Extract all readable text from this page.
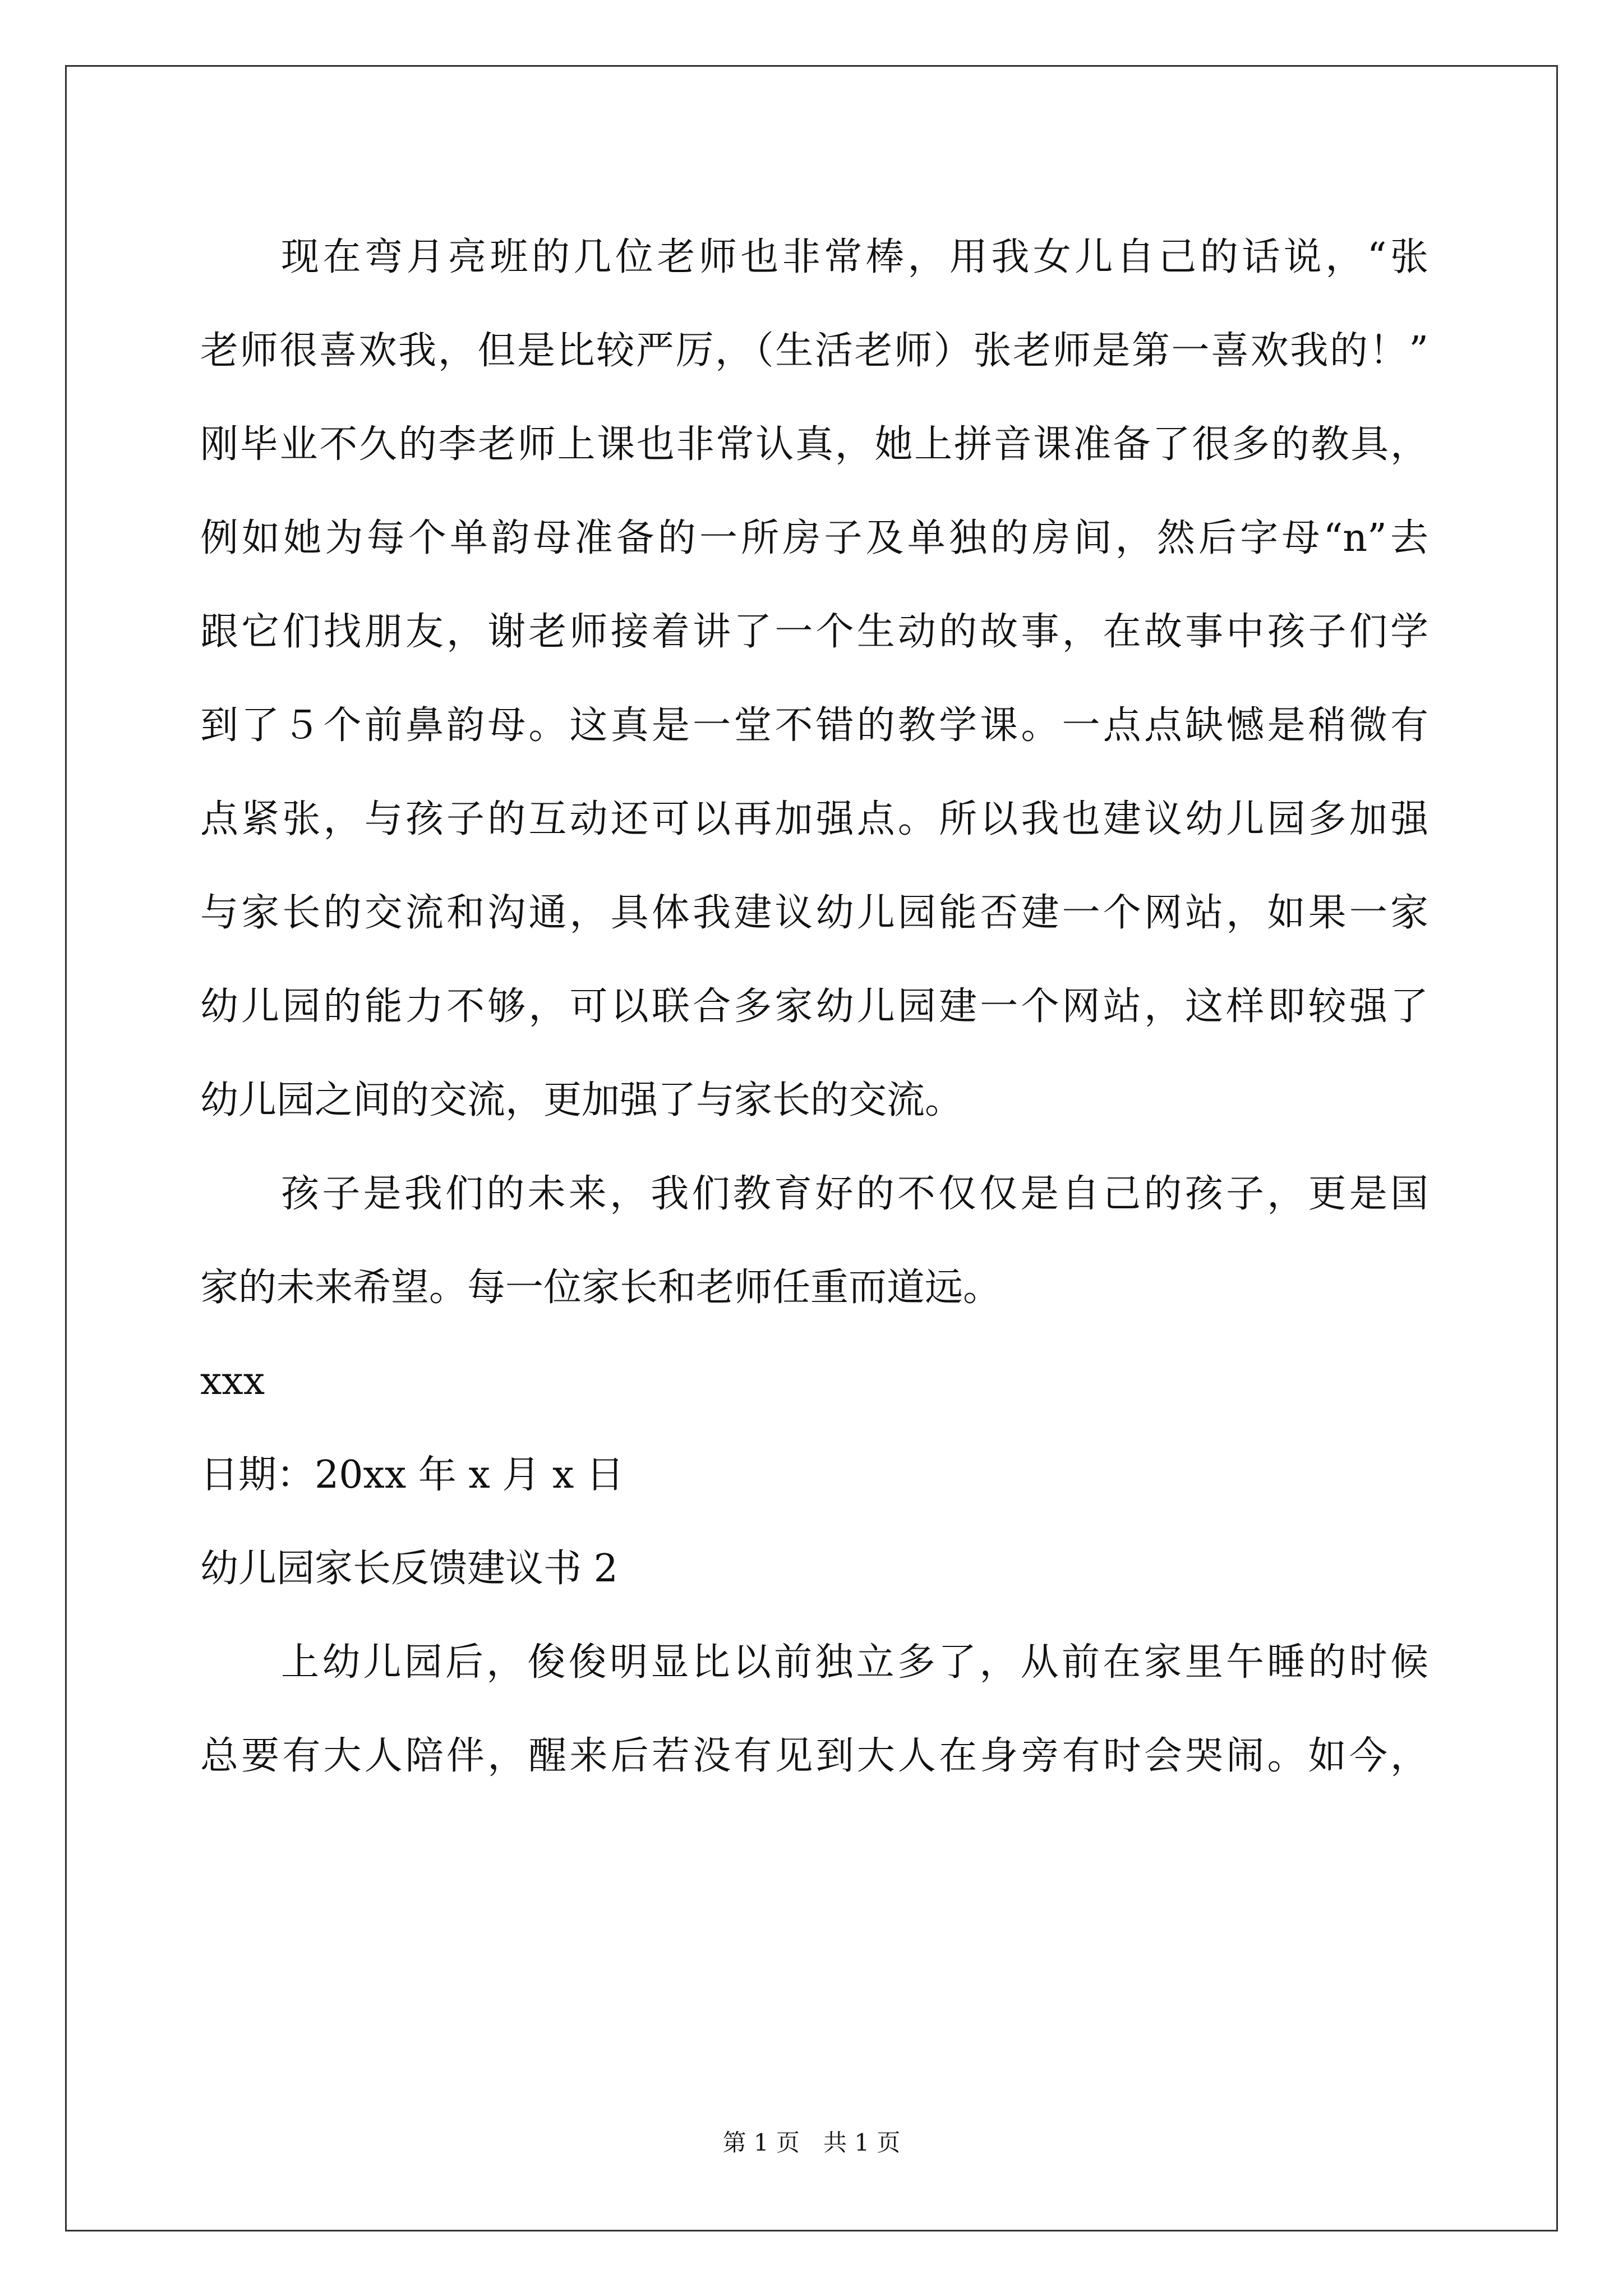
现在弯月亮班的几位老师也非常棒，用我女儿自己的话说，“张
老师很喜欢我，但是比较严厉，（生活老师）张老师是第一喜欢我的！”
刚毕业不久的李老师上课也非常认真，她上拼音课准备了很多的教具，
例如她为每个单韵母准备的一所房子及单独的房间，然后字母“n”去
跟它们找朋友，谢老师接着讲了一个生动的故事，在故事中孩子们学
到了５个前鼻韵母。这真是一堂不错的教学课。一点点缺憾是稍微有
点紧张，与孩子的互动还可以再加强点。所以我也建议幼儿园多加强
与家长的交流和沟通，具体我建议幼儿园能否建一个网站，如果一家
幼儿园的能力不够，可以联合多家幼儿园建一个网站，这样即较强了
幼儿园之间的交流，更加强了与家长的交流。
孩子是我们的未来，我们教育好的不仅仅是自己的孩子，更是国
家的未来希望。每一位家长和老师任重而道远。
xxx
日期：20xx 年 x 月 x 日
幼儿园家长反馈建议书 2
上幼儿园后，俊俊明显比以前独立多了，从前在家里午睡的时候
总要有大人陪伴，醒来后若没有见到大人在身旁有时会哭闹。如今，
第 1 页　共 1 页
